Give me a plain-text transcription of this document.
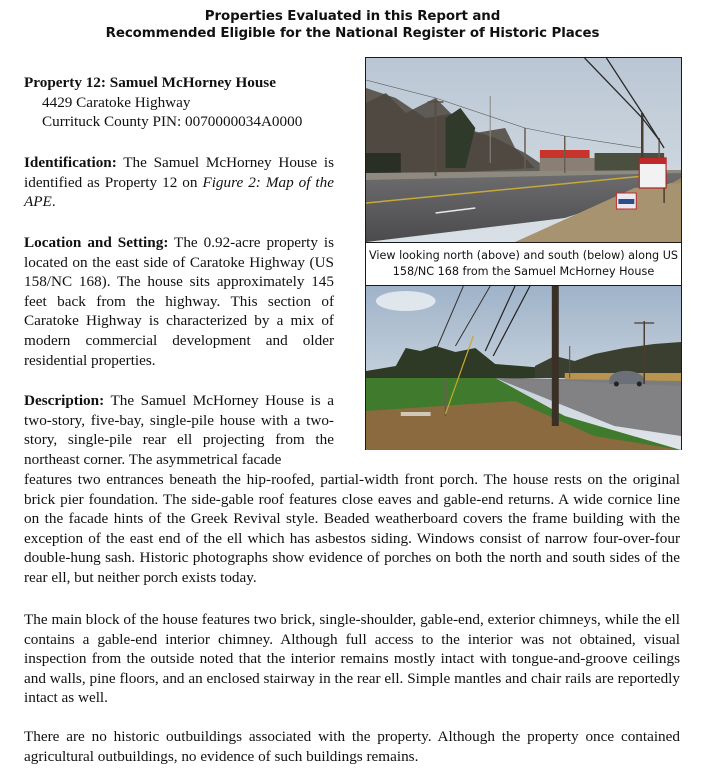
Properties Evaluated in this Report and
Recommended Eligible for the National Register of Historic Places
Property 12: Samuel McHorney House
4429 Caratoke Highway
Currituck County PIN: 0070000034A0000
Identification: The Samuel McHorney House is identified as Property 12 on Figure 2: Map of the APE.
Location and Setting: The 0.92-acre property is located on the east side of Caratoke Highway (US 158/NC 168). The house sits approximately 145 feet back from the highway. This section of Caratoke Highway is characterized by a mix of modern commercial development and older residential properties.
Description: The Samuel McHorney House is a two-story, five-bay, single-pile house with a two-story, single-pile rear ell projecting from the northeast corner. The asymmetrical facade
features two entrances beneath the hip-roofed, partial-width front porch. The house rests on the original brick pier foundation. The side-gable roof features close eaves and gable-end returns. A wide cornice line on the facade hints of the Greek Revival style. Beaded weatherboard covers the frame building with the exception of the east end of the ell which has asbestos siding. Windows consist of narrow four-over-four double-hung sash. Historic photographs show evidence of porches on both the north and south sides of the rear ell, but neither porch exists today.
The main block of the house features two brick, single-shoulder, gable-end, exterior chimneys, while the ell contains a gable-end interior chimney. Although full access to the interior was not obtained, visual inspection from the outside noted that the interior remains mostly intact with tongue-and-groove ceilings and walls, pine floors, and an enclosed stairway in the rear ell. Simple mantles and chair rails are reportedly intact as well.
There are no historic outbuildings associated with the property. Although the property once contained agricultural outbuildings, no evidence of such buildings remains.
View looking north (above) and south (below) along US 158/NC 168 from the Samuel McHorney House
